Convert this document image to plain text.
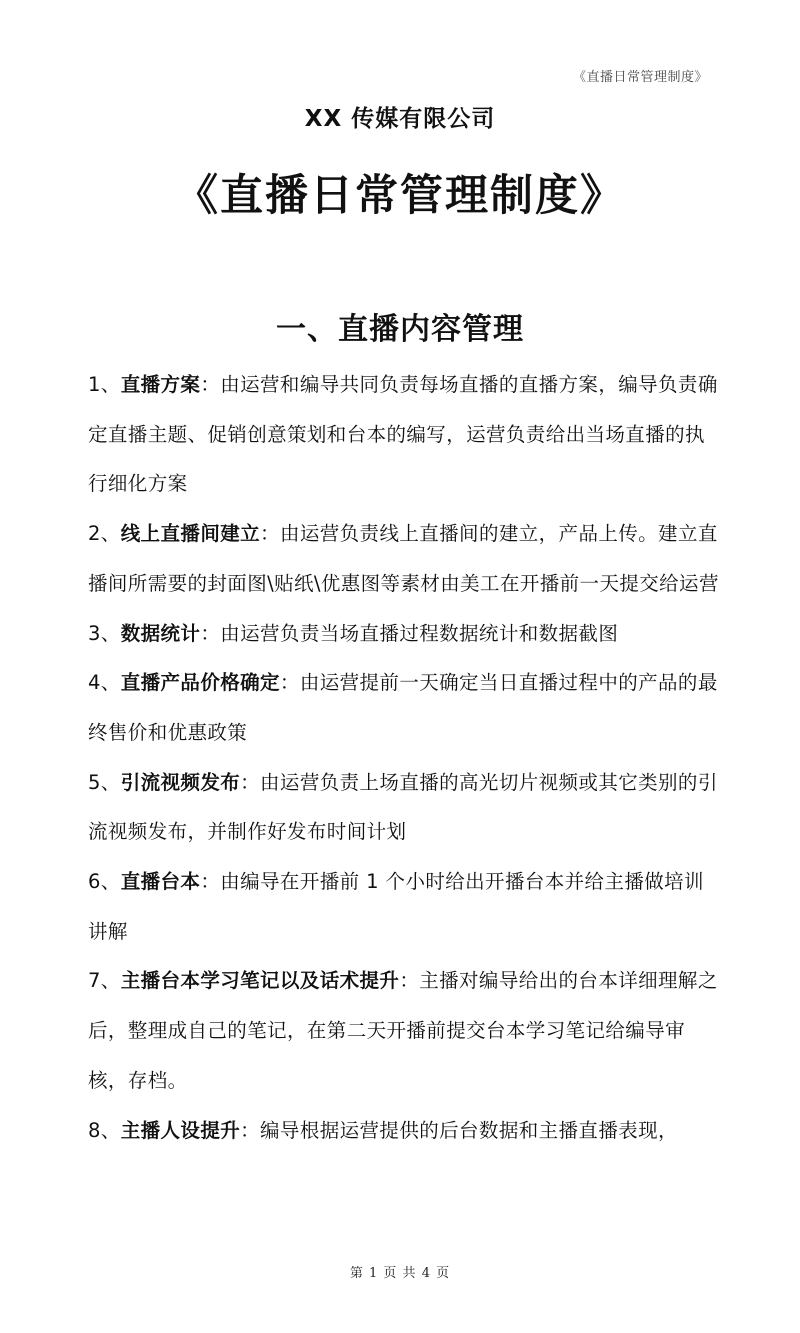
《直播日常管理制度》
XX 传媒有限公司
《直播日常管理制度》
一、直播内容管理

1、直播方案：由运营和编导共同负责每场直播的直播方案，编导负责确定直播主题、促销创意策划和台本的编写，运营负责给出当场直播的执行细化方案

2、线上直播间建立：由运营负责线上直播间的建立，产品上传。建立直播间所需要的封面图\贴纸\优惠图等素材由美工在开播前一天提交给运营

3、数据统计：由运营负责当场直播过程数据统计和数据截图

4、直播产品价格确定：由运营提前一天确定当日直播过程中的产品的最终售价和优惠政策

5、引流视频发布：由运营负责上场直播的高光切片视频或其它类别的引流视频发布，并制作好发布时间计划

6、直播台本：由编导在开播前 1 个小时给出开播台本并给主播做培训讲解

7、主播台本学习笔记以及话术提升：主播对编导给出的台本详细理解之后，整理成自己的笔记，在第二天开播前提交台本学习笔记给编导审核，存档。

8、主播人设提升：编导根据运营提供的后台数据和主播直播表现，

第 1 页 共 4 页
